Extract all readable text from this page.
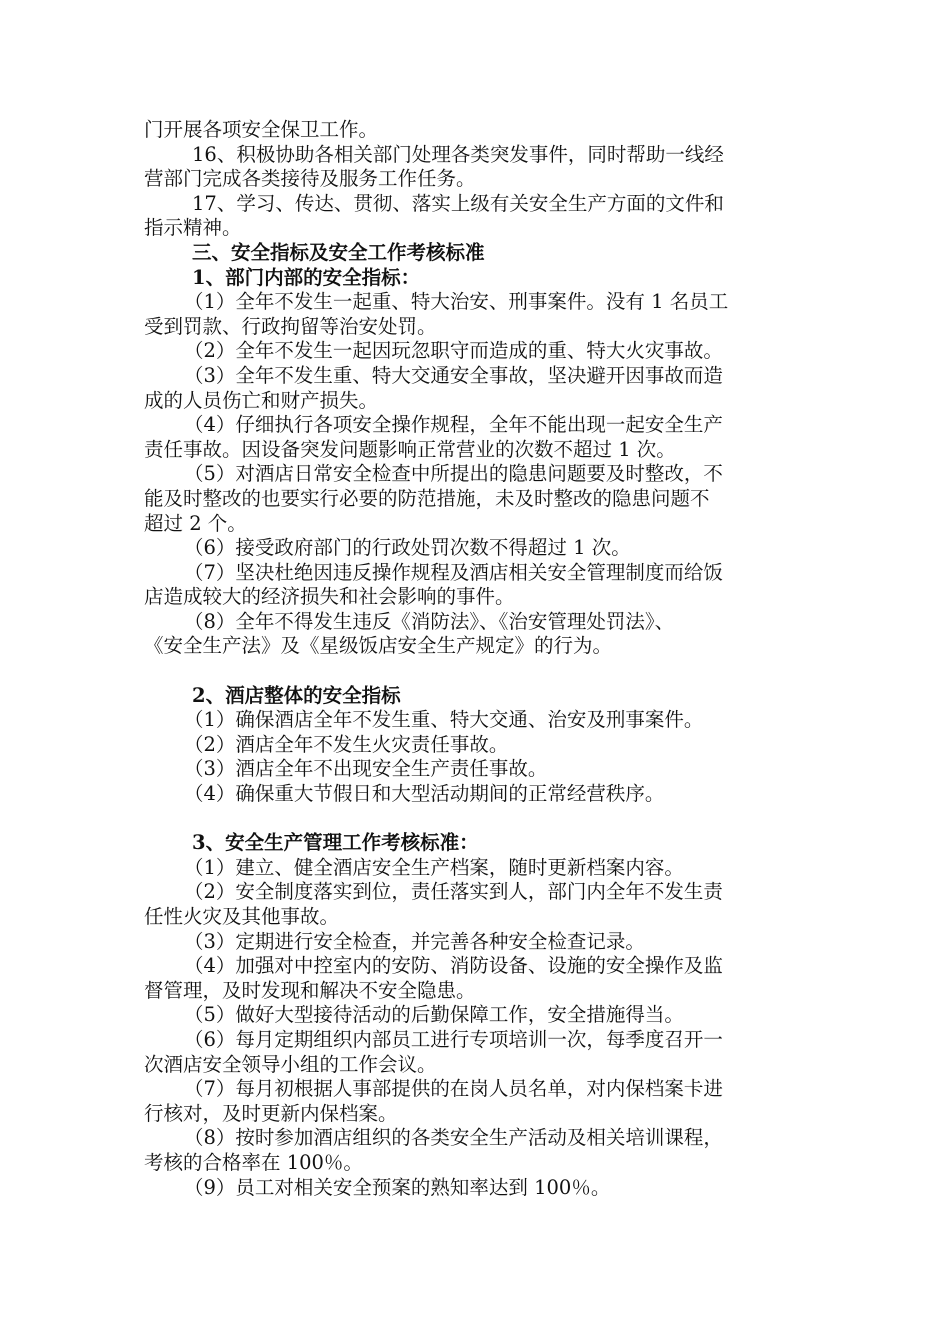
门开展各项安全保卫工作。
16、积极协助各相关部门处理各类突发事件，同时帮助一线经
营部门完成各类接待及服务工作任务。
17、学习、传达、贯彻、落实上级有关安全生产方面的文件和
指示精神。
三、安全指标及安全工作考核标准
1、部门内部的安全指标：
（1）全年不发生一起重、特大治安、刑事案件。没有 1 名员工
受到罚款、行政拘留等治安处罚。
（2）全年不发生一起因玩忽职守而造成的重、特大火灾事故。
（3）全年不发生重、特大交通安全事故，坚决避开因事故而造
成的人员伤亡和财产损失。
（4）仔细执行各项安全操作规程，全年不能出现一起安全生产
责任事故。因设备突发问题影响正常营业的次数不超过 1 次。
（5）对酒店日常安全检查中所提出的隐患问题要及时整改，不
能及时整改的也要实行必要的防范措施，未及时整改的隐患问题不
超过 2 个。
（6）接受政府部门的行政处罚次数不得超过 1 次。
（7）坚决杜绝因违反操作规程及酒店相关安全管理制度而给饭
店造成较大的经济损失和社会影响的事件。
（8）全年不得发生违反《消防法》、《治安管理处罚法》、
《安全生产法》及《星级饭店安全生产规定》的行为。
2、酒店整体的安全指标
（1）确保酒店全年不发生重、特大交通、治安及刑事案件。
（2）酒店全年不发生火灾责任事故。
（3）酒店全年不出现安全生产责任事故。
（4）确保重大节假日和大型活动期间的正常经营秩序。
3、安全生产管理工作考核标准：
（1）建立、健全酒店安全生产档案，随时更新档案内容。
（2）安全制度落实到位，责任落实到人，部门内全年不发生责
任性火灾及其他事故。
（3）定期进行安全检查，并完善各种安全检查记录。
（4）加强对中控室内的安防、消防设备、设施的安全操作及监
督管理，及时发现和解决不安全隐患。
（5）做好大型接待活动的后勤保障工作，安全措施得当。
（6）每月定期组织内部员工进行专项培训一次，每季度召开一
次酒店安全领导小组的工作会议。
（7）每月初根据人事部提供的在岗人员名单，对内保档案卡进
行核对，及时更新内保档案。
（8）按时参加酒店组织的各类安全生产活动及相关培训课程，
考核的合格率在 100％。
（9）员工对相关安全预案的熟知率达到 100％。
